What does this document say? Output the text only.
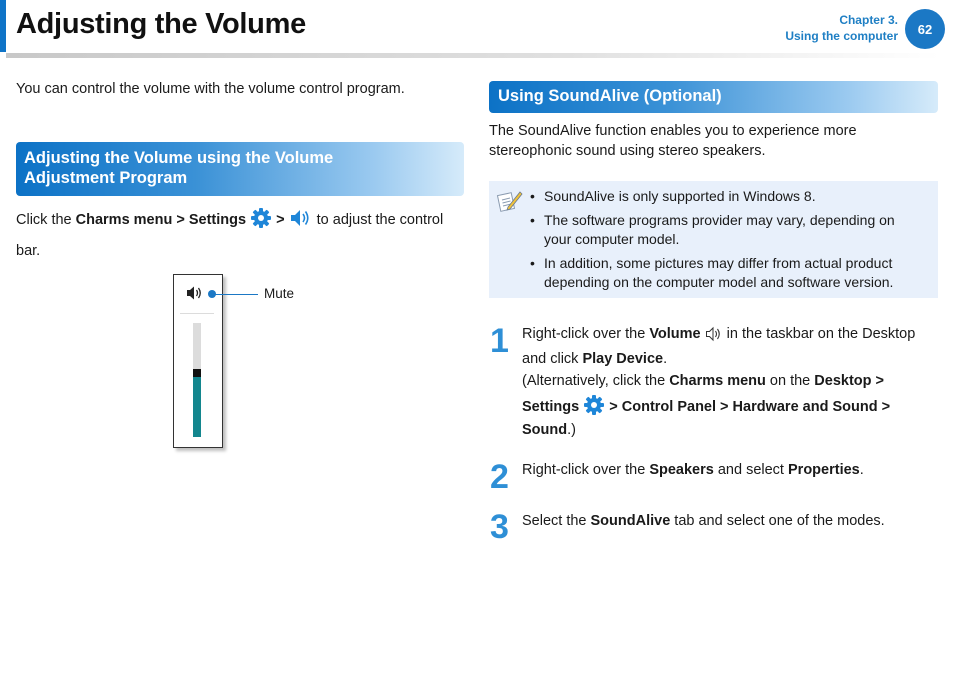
Adjusting the Volume	Chapter 3.
Using the computer	62
You can control the volume with the volume control program.
Adjusting the Volume using the Volume Adjustment Program
Click the Charms menu > Settings >  to adjust the control bar.
Mute
Using SoundAlive (Optional)
The SoundAlive function enables you to experience more stereophonic sound using stereo speakers.
• SoundAlive is only supported in Windows 8.
• The software programs provider may vary, depending on your computer model.
• In addition, some pictures may differ from actual product depending on the computer model and software version.
1 Right-click over the Volume  in the taskbar on the Desktop and click Play Device.
(Alternatively, click the Charms menu on the Desktop > Settings > Control Panel > Hardware and Sound > Sound.)
2 Right-click over the Speakers and select Properties.
3 Select the SoundAlive tab and select one of the modes.
